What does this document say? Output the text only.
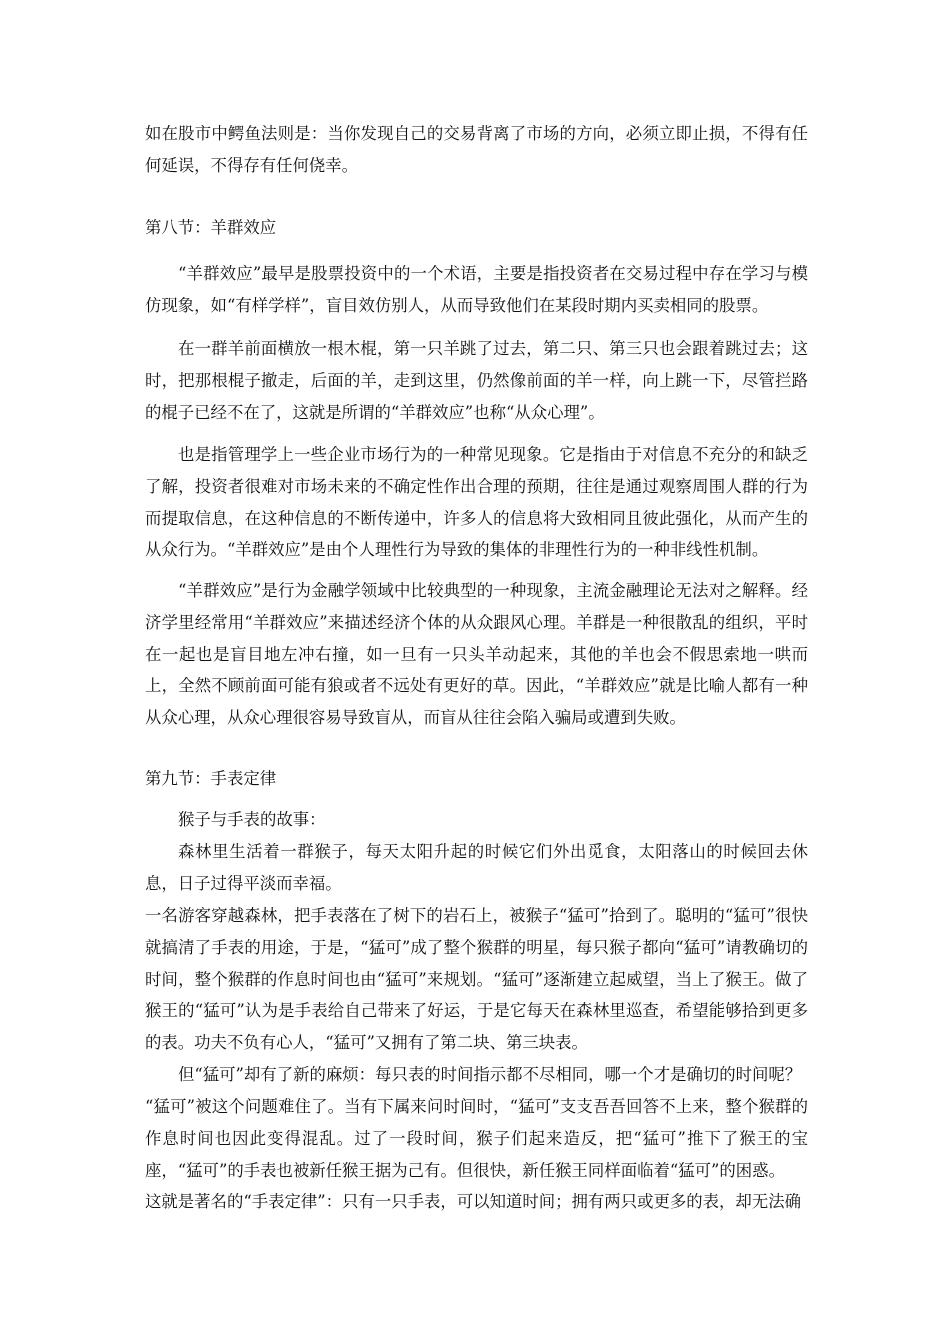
如在股市中鳄鱼法则是：当你发现自己的交易背离了市场的方向，必须立即止损，不得有任何延误，不得存有任何侥幸。

第八节：羊群效应

“羊群效应”最早是股票投资中的一个术语，主要是指投资者在交易过程中存在学习与模仿现象，如“有样学样”，盲目效仿别人，从而导致他们在某段时期内买卖相同的股票。

在一群羊前面横放一根木棍，第一只羊跳了过去，第二只、第三只也会跟着跳过去；这时，把那根棍子撤走，后面的羊，走到这里，仍然像前面的羊一样，向上跳一下，尽管拦路的棍子已经不在了，这就是所谓的“羊群效应”也称“从众心理”。

也是指管理学上一些企业市场行为的一种常见现象。它是指由于对信息不充分的和缺乏了解，投资者很难对市场未来的不确定性作出合理的预期，往往是通过观察周围人群的行为而提取信息，在这种信息的不断传递中，许多人的信息将大致相同且彼此强化，从而产生的从众行为。“羊群效应”是由个人理性行为导致的集体的非理性行为的一种非线性机制。

“羊群效应”是行为金融学领域中比较典型的一种现象，主流金融理论无法对之解释。经济学里经常用“羊群效应”来描述经济个体的从众跟风心理。羊群是一种很散乱的组织，平时在一起也是盲目地左冲右撞，如一旦有一只头羊动起来，其他的羊也会不假思索地一哄而上，全然不顾前面可能有狼或者不远处有更好的草。因此，“羊群效应”就是比喻人都有一种从众心理，从众心理很容易导致盲从，而盲从往往会陷入骗局或遭到失败。

第九节：手表定律

猴子与手表的故事：

森林里生活着一群猴子，每天太阳升起的时候它们外出觅食，太阳落山的时候回去休息，日子过得平淡而幸福。

一名游客穿越森林，把手表落在了树下的岩石上，被猴子“猛可”拾到了。聪明的“猛可”很快就搞清了手表的用途，于是，“猛可”成了整个猴群的明星，每只猴子都向“猛可”请教确切的时间，整个猴群的作息时间也由“猛可”来规划。“猛可”逐渐建立起威望，当上了猴王。做了猴王的“猛可”认为是手表给自己带来了好运，于是它每天在森林里巡查，希望能够拾到更多的表。功夫不负有心人，“猛可”又拥有了第二块、第三块表。

但“猛可”却有了新的麻烦：每只表的时间指示都不尽相同，哪一个才是确切的时间呢？

“猛可”被这个问题难住了。当有下属来问时间时，“猛可”支支吾吾回答不上来，整个猴群的作息时间也因此变得混乱。过了一段时间，猴子们起来造反，把“猛可”推下了猴王的宝座，“猛可”的手表也被新任猴王据为己有。但很快，新任猴王同样面临着“猛可”的困惑。

这就是著名的“手表定律”：只有一只手表，可以知道时间；拥有两只或更多的表，却无法确
